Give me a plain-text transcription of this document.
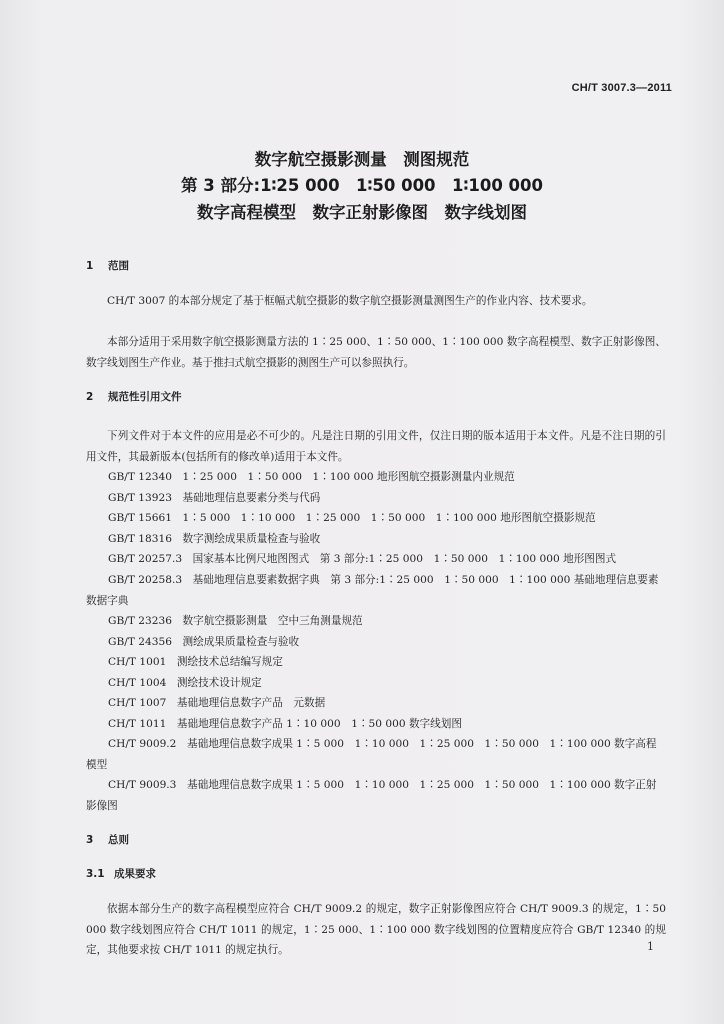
CH/T 3007.3—2011
数字航空摄影测量　测图规范
第 3 部分:1∶25 000　1∶50 000　1∶100 000
数字高程模型　数字正射影像图　数字线划图
1 范围
CH/T 3007 的本部分规定了基于框幅式航空摄影的数字航空摄影测量测图生产的作业内容、技术要求。
本部分适用于采用数字航空摄影测量方法的 1∶25 000、1∶50 000、1∶100 000 数字高程模型、数字正射影像图、数字线划图生产作业。基于推扫式航空摄影的测图生产可以参照执行。
2 规范性引用文件
下列文件对于本文件的应用是必不可少的。凡是注日期的引用文件，仅注日期的版本适用于本文件。凡是不注日期的引用文件，其最新版本(包括所有的修改单)适用于本文件。
GB/T 12340　1∶25 000　1∶50 000　1∶100 000 地形图航空摄影测量内业规范
GB/T 13923　基础地理信息要素分类与代码
GB/T 15661　1∶5 000　1∶10 000　1∶25 000　1∶50 000　1∶100 000 地形图航空摄影规范
GB/T 18316　数字测绘成果质量检查与验收
GB/T 20257.3　国家基本比例尺地图图式　第 3 部分:1∶25 000　1∶50 000　1∶100 000 地形图图式
GB/T 20258.3　基础地理信息要素数据字典　第 3 部分:1∶25 000　1∶50 000　1∶100 000 基础地理信息要素数据字典
GB/T 23236　数字航空摄影测量　空中三角测量规范
GB/T 24356　测绘成果质量检查与验收
CH/T 1001　测绘技术总结编写规定
CH/T 1004　测绘技术设计规定
CH/T 1007　基础地理信息数字产品　元数据
CH/T 1011　基础地理信息数字产品 1∶10 000　1∶50 000 数字线划图
CH/T 9009.2　基础地理信息数字成果 1∶5 000　1∶10 000　1∶25 000　1∶50 000　1∶100 000 数字高程模型
CH/T 9009.3　基础地理信息数字成果 1∶5 000　1∶10 000　1∶25 000　1∶50 000　1∶100 000 数字正射影像图
3 总则
3.1 成果要求
依据本部分生产的数字高程模型应符合 CH/T 9009.2 的规定，数字正射影像图应符合 CH/T 9009.3 的规定，1∶50 000 数字线划图应符合 CH/T 1011 的规定，1∶25 000、1∶100 000 数字线划图的位置精度应符合 GB/T 12340 的规定，其他要求按 CH/T 1011 的规定执行。	1
